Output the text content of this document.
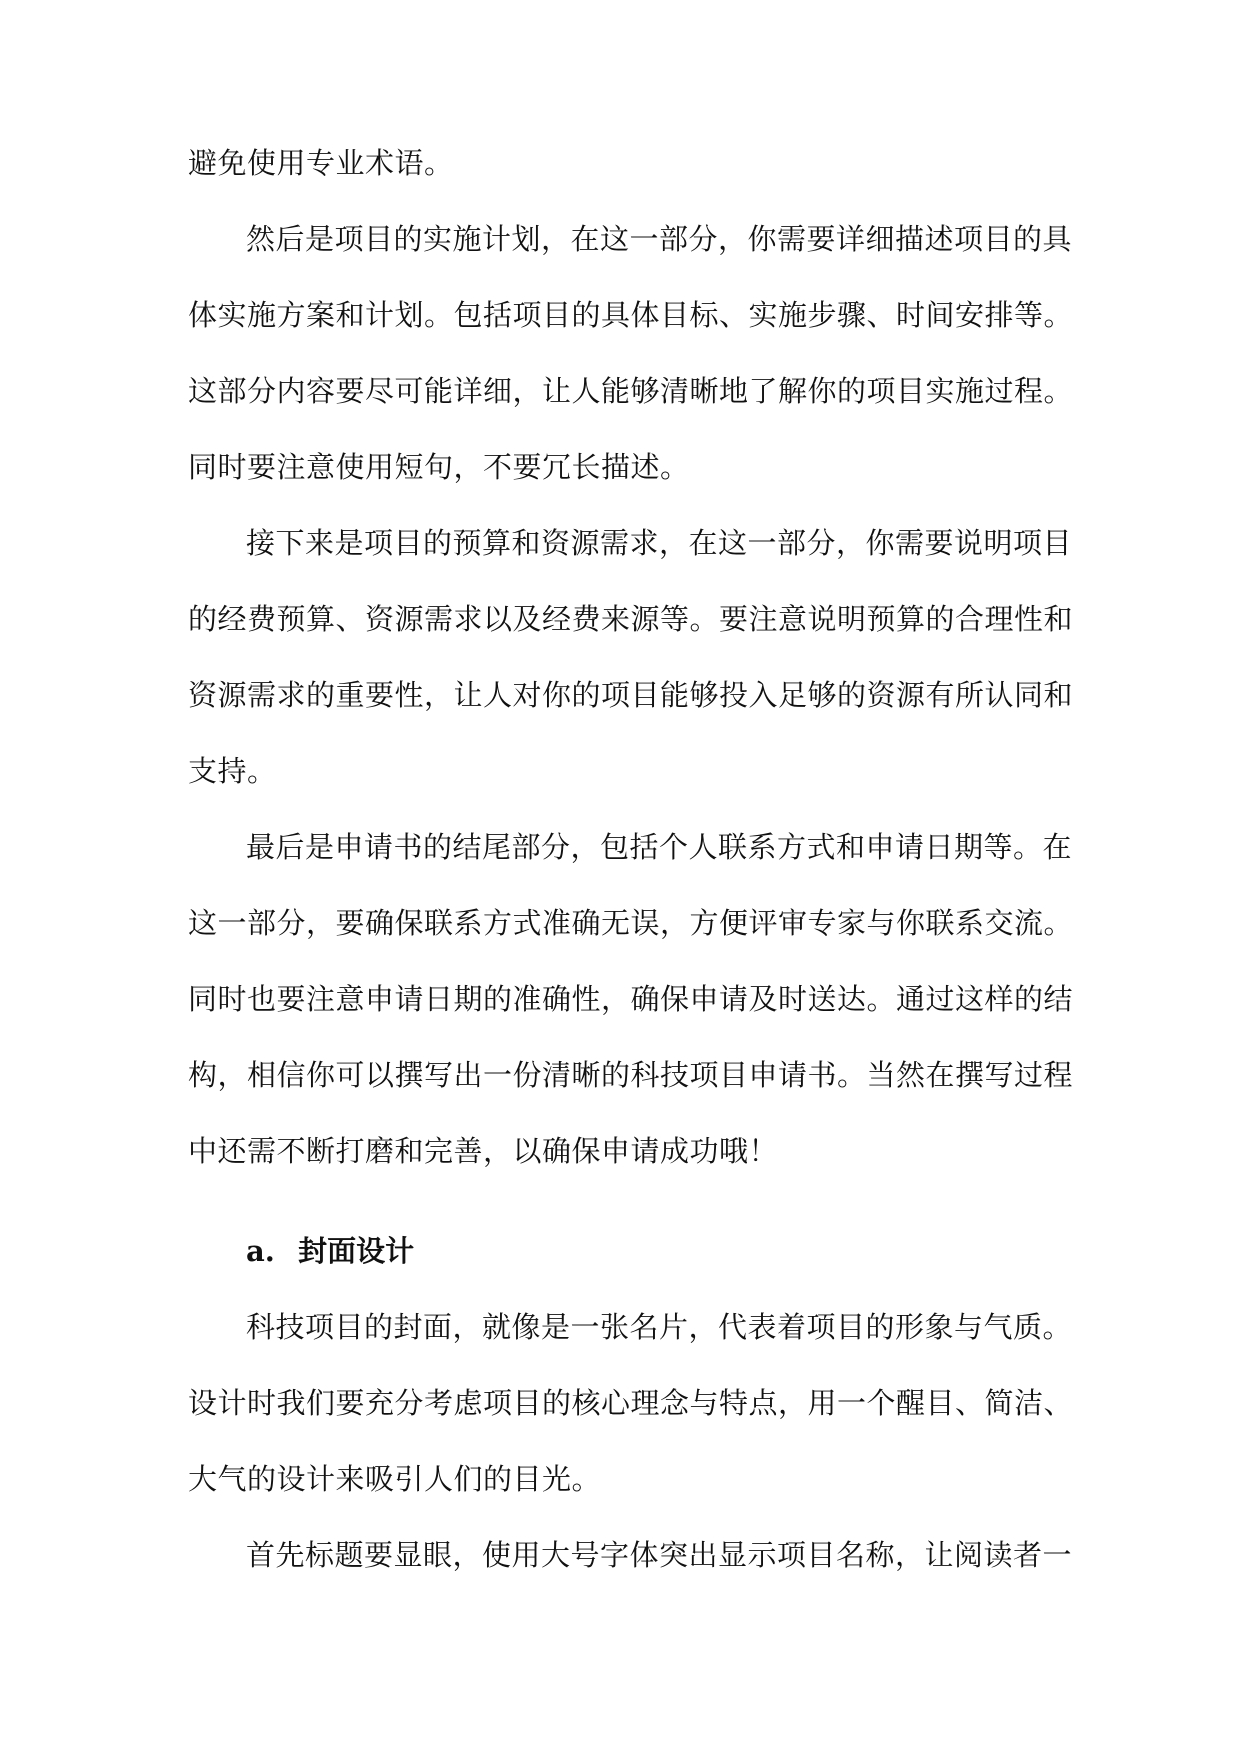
避免使用专业术语。
然后是项目的实施计划，在这一部分，你需要详细描述项目的具
体实施方案和计划。包括项目的具体目标、实施步骤、时间安排等。
这部分内容要尽可能详细，让人能够清晰地了解你的项目实施过程。
同时要注意使用短句，不要冗长描述。
接下来是项目的预算和资源需求，在这一部分，你需要说明项目
的经费预算、资源需求以及经费来源等。要注意说明预算的合理性和
资源需求的重要性，让人对你的项目能够投入足够的资源有所认同和
支持。
最后是申请书的结尾部分，包括个人联系方式和申请日期等。在
这一部分，要确保联系方式准确无误，方便评审专家与你联系交流。
同时也要注意申请日期的准确性，确保申请及时送达。通过这样的结
构，相信你可以撰写出一份清晰的科技项目申请书。当然在撰写过程
中还需不断打磨和完善，以确保申请成功哦！
a. 封面设计
科技项目的封面，就像是一张名片，代表着项目的形象与气质。
设计时我们要充分考虑项目的核心理念与特点，用一个醒目、简洁、
大气的设计来吸引人们的目光。
首先标题要显眼，使用大号字体突出显示项目名称，让阅读者一
